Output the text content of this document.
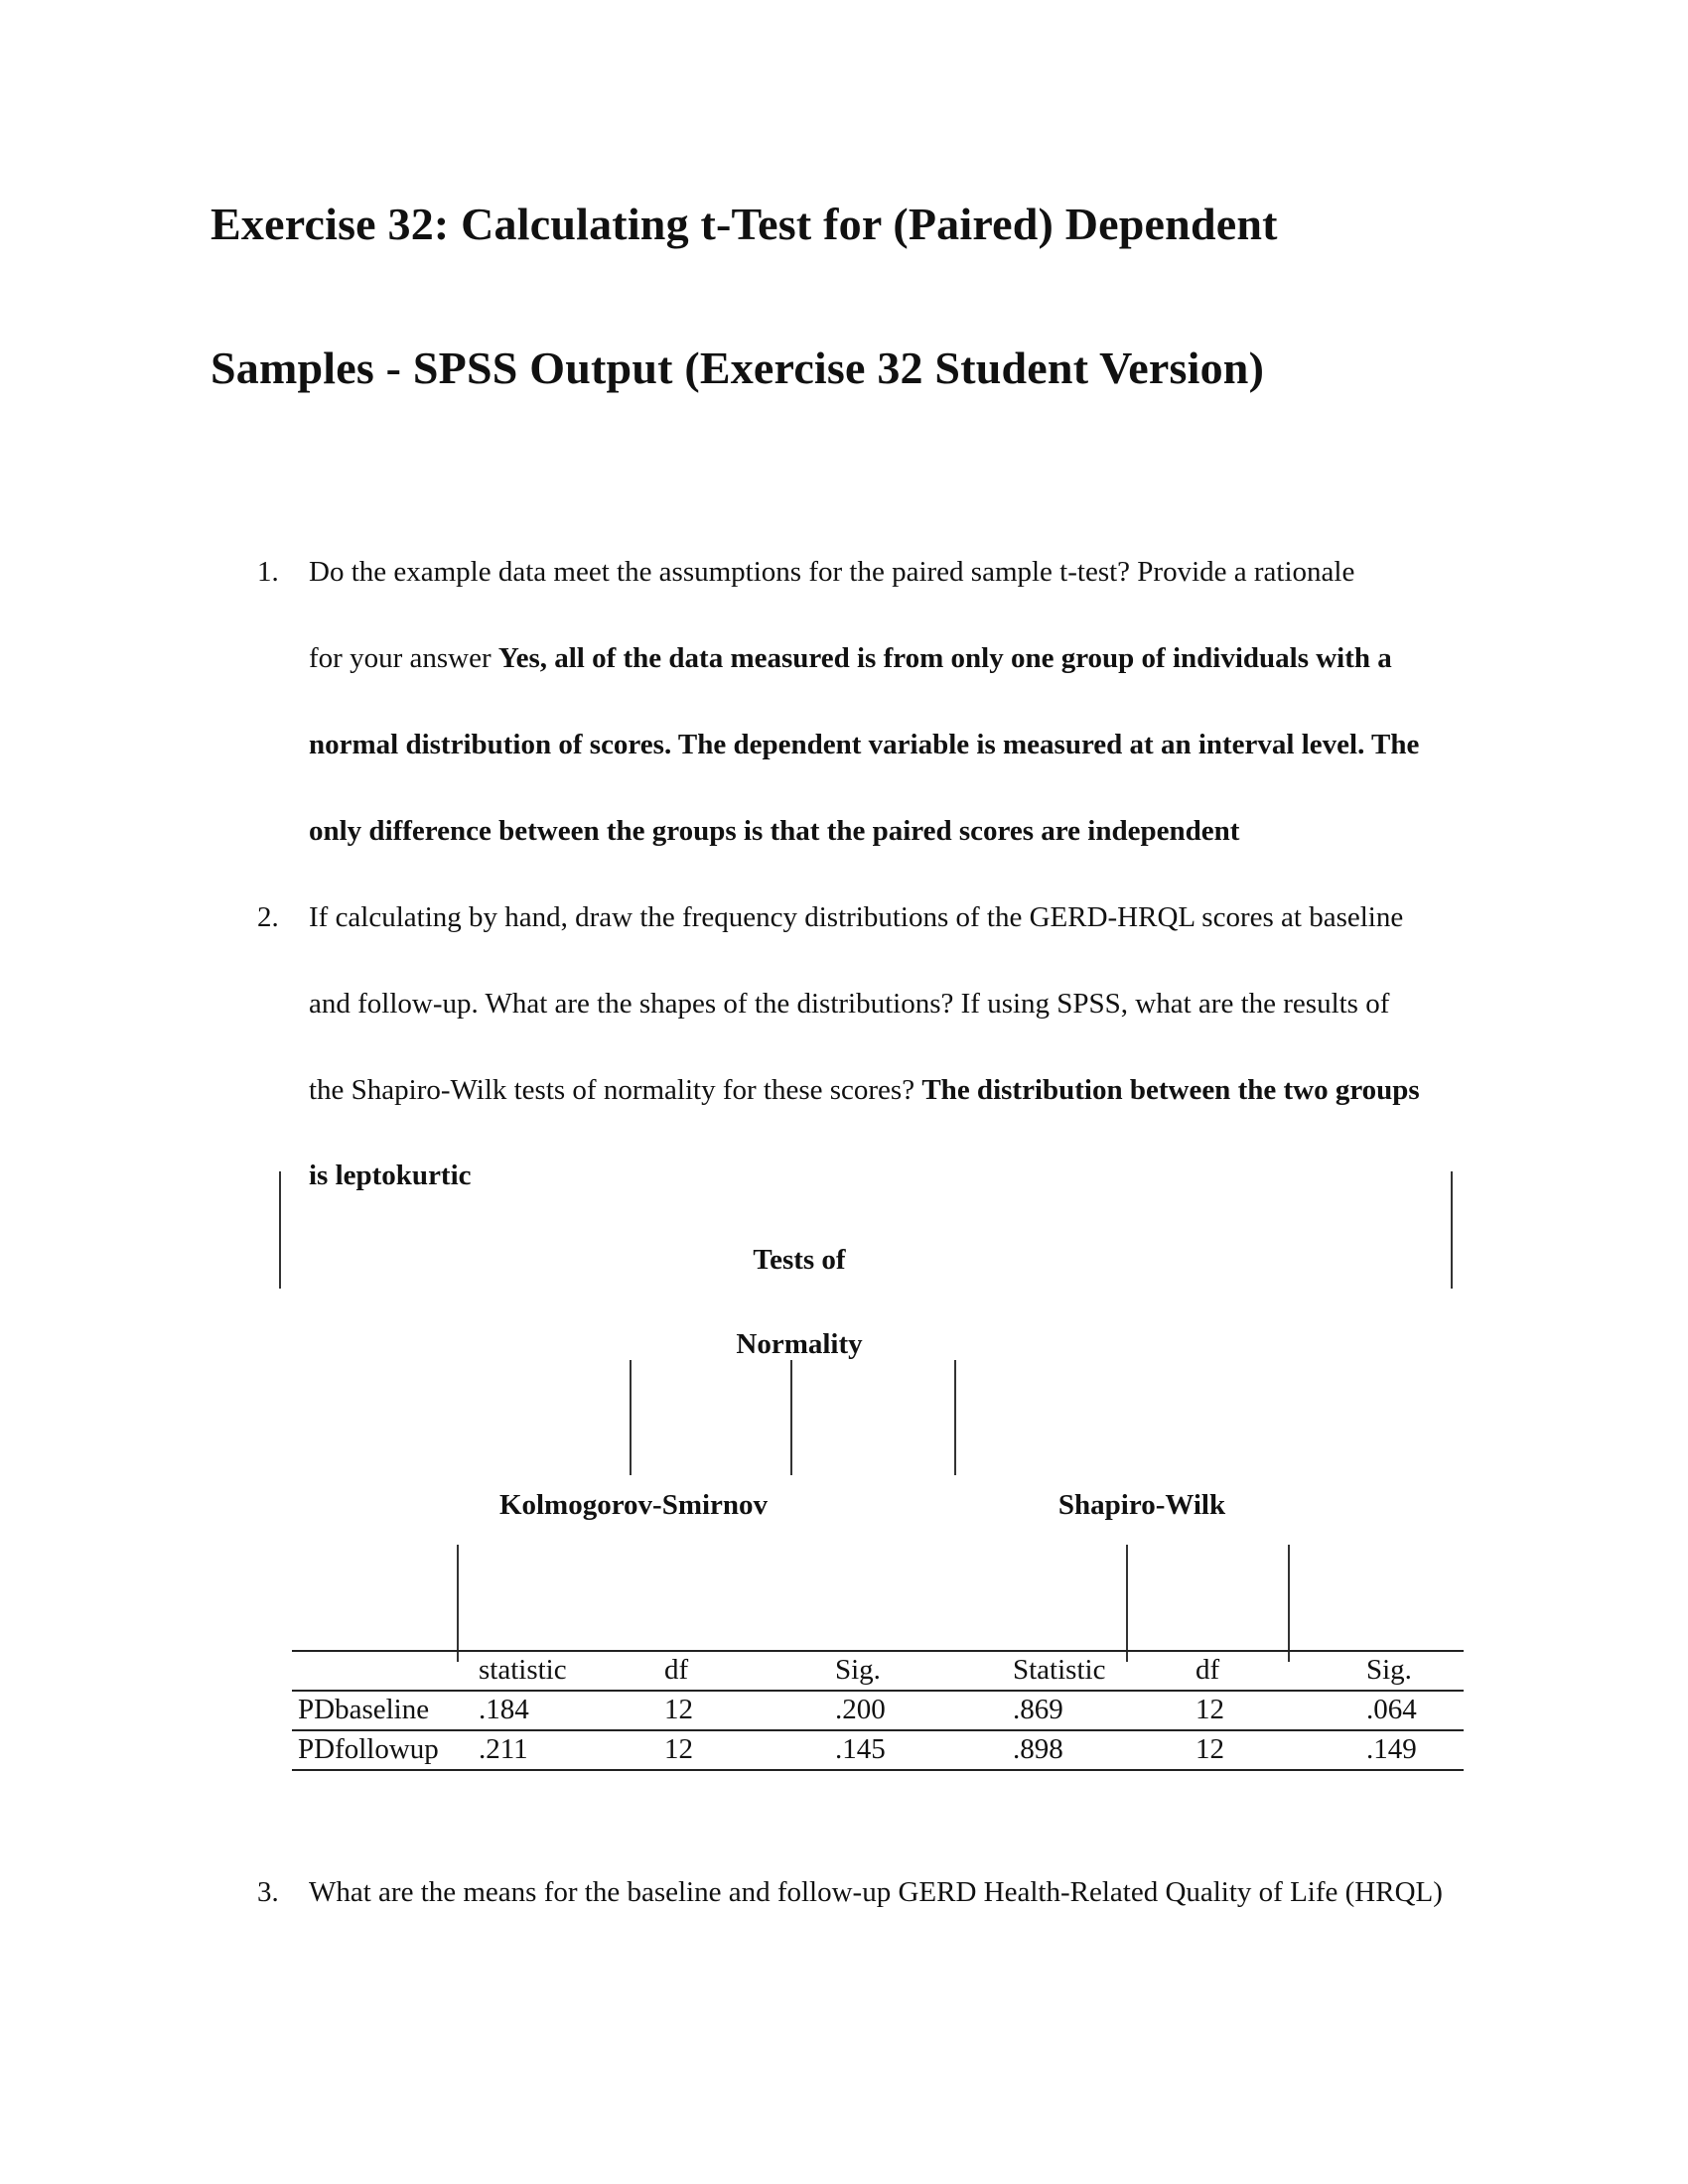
Exercise 32: Calculating t-Test for (Paired) Dependent
Samples - SPSS Output (Exercise 32 Student Version)
1. Do the example data meet the assumptions for the paired sample t-test? Provide a rationale
for your answer Yes, all of the data measured is from only one group of individuals with a
normal distribution of scores. The dependent variable is measured at an interval level. The
only difference between the groups is that the paired scores are independent
2. If calculating by hand, draw the frequency distributions of the GERD-HRQL scores at baseline
and follow-up. What are the shapes of the distributions? If using SPSS, what are the results of
the Shapiro-Wilk tests of normality for these scores? The distribution between the two groups
is leptokurtic
Tests of
Normality
Kolmogorov-Smirnov	Shapiro-Wilk
	statistic	df	Sig.	Statistic	df	Sig.
PDbaseline	.184	12	.200	.869	12	.064
PDfollowup	.211	12	.145	.898	12	.149
3. What are the means for the baseline and follow-up GERD Health-Related Quality of Life (HRQL)
